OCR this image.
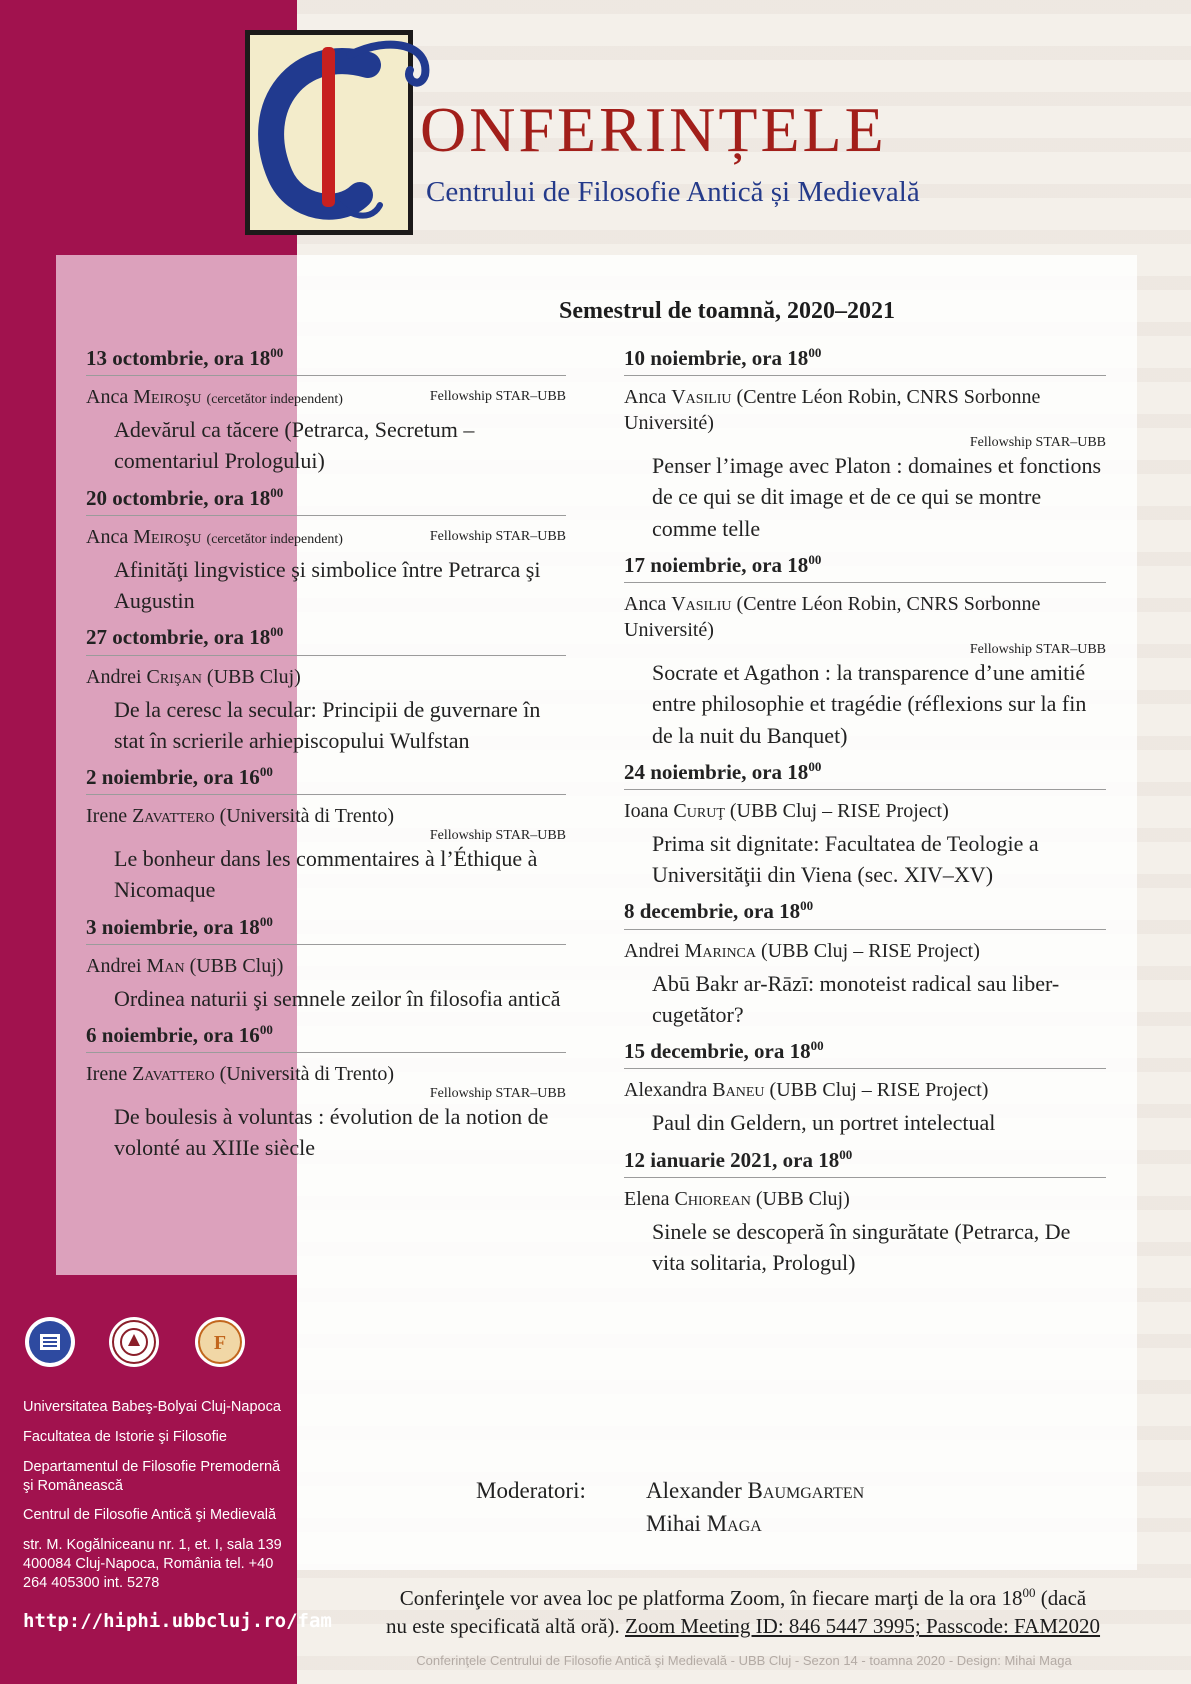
ONFERINȚELE
Centrului de Filosofie Antică și Medievală
Semestrul de toamnă, 2020–2021
13 octombrie, ora $18^{00}$
Anca Meiroşu (cercetător independent)	Fellowship STAR–UBB
Adevărul ca tăcere (Petrarca, Secretum – comentariul Prologului)
20 octombrie, ora $18^{00}$
Anca Meiroşu (cercetător independent)	Fellowship STAR–UBB
Afinităţi lingvistice şi simbolice între Petrarca şi Augustin
27 octombrie, ora $18^{00}$
Andrei Crişan (UBB Cluj)
De la ceresc la secular: Principii de guvernare în stat în scrierile arhiepiscopului Wulfstan
2 noiembrie, ora $16^{00}$
Irene Zavattero (Università di Trento)
Fellowship STAR–UBB
Le bonheur dans les commentaires à l’Éthique à Nicomaque
3 noiembrie, ora $18^{00}$
Andrei Man (UBB Cluj)
Ordinea naturii şi semnele zeilor în filosofia antică
6 noiembrie, ora $16^{00}$
Irene Zavattero (Università di Trento)
Fellowship STAR–UBB
De boulesis à voluntas : évolution de la notion de volonté au XIIIe siècle
10 noiembrie, ora $18^{00}$
Anca Vasiliu (Centre Léon Robin, CNRS Sorbonne Université)
Fellowship STAR–UBB
Penser l’image avec Platon : domaines et fonctions de ce qui se dit image et de ce qui se montre comme telle
17 noiembrie, ora $18^{00}$
Anca Vasiliu (Centre Léon Robin, CNRS Sorbonne Université)
Fellowship STAR–UBB
Socrate et Agathon : la transparence d’une amitié entre philosophie et tragédie (réflexions sur la fin de la nuit du Banquet)
24 noiembrie, ora $18^{00}$
Ioana Curuţ (UBB Cluj – RISE Project)
Prima sit dignitate: Facultatea de Teologie a Universităţii din Viena (sec. XIV–XV)
8 decembrie, ora $18^{00}$
Andrei Marinca (UBB Cluj – RISE Project)
Abū Bakr ar-Rāzī: monoteist radical sau liber-cugetător?
15 decembrie, ora $18^{00}$
Alexandra Baneu (UBB Cluj – RISE Project)
Paul din Geldern, un portret intelectual
12 ianuarie 2021, ora $18^{00}$
Elena Chiorean (UBB Cluj)
Sinele se descoperă în singurătate (Petrarca, De vita solitaria, Prologul)
F
Universitatea Babeş-Bolyai Cluj-Napoca
Facultatea de Istorie şi Filosofie
Departamentul de Filosofie Premodernă şi Românească
Centrul de Filosofie Antică şi Medievală
str. M. Kogălniceanu nr. 1, et. I, sala 139 400084 Cluj-Napoca, România tel. +40 264 405300 int. 5278
http://hiphi.ubbcluj.ro/fam
Moderatori:	Alexander Baumgarten
Mihai Maga
Conferinţele vor avea loc pe platforma Zoom, în fiecare marţi de la ora $18^{00}$ (dacă
nu este specificată altă oră). Zoom Meeting ID: 846 5447 3995; Passcode: FAM2020
Conferinţele Centrului de Filosofie Antică şi Medievală - UBB Cluj - Sezon 14 - toamna 2020 - Design: Mihai Maga
